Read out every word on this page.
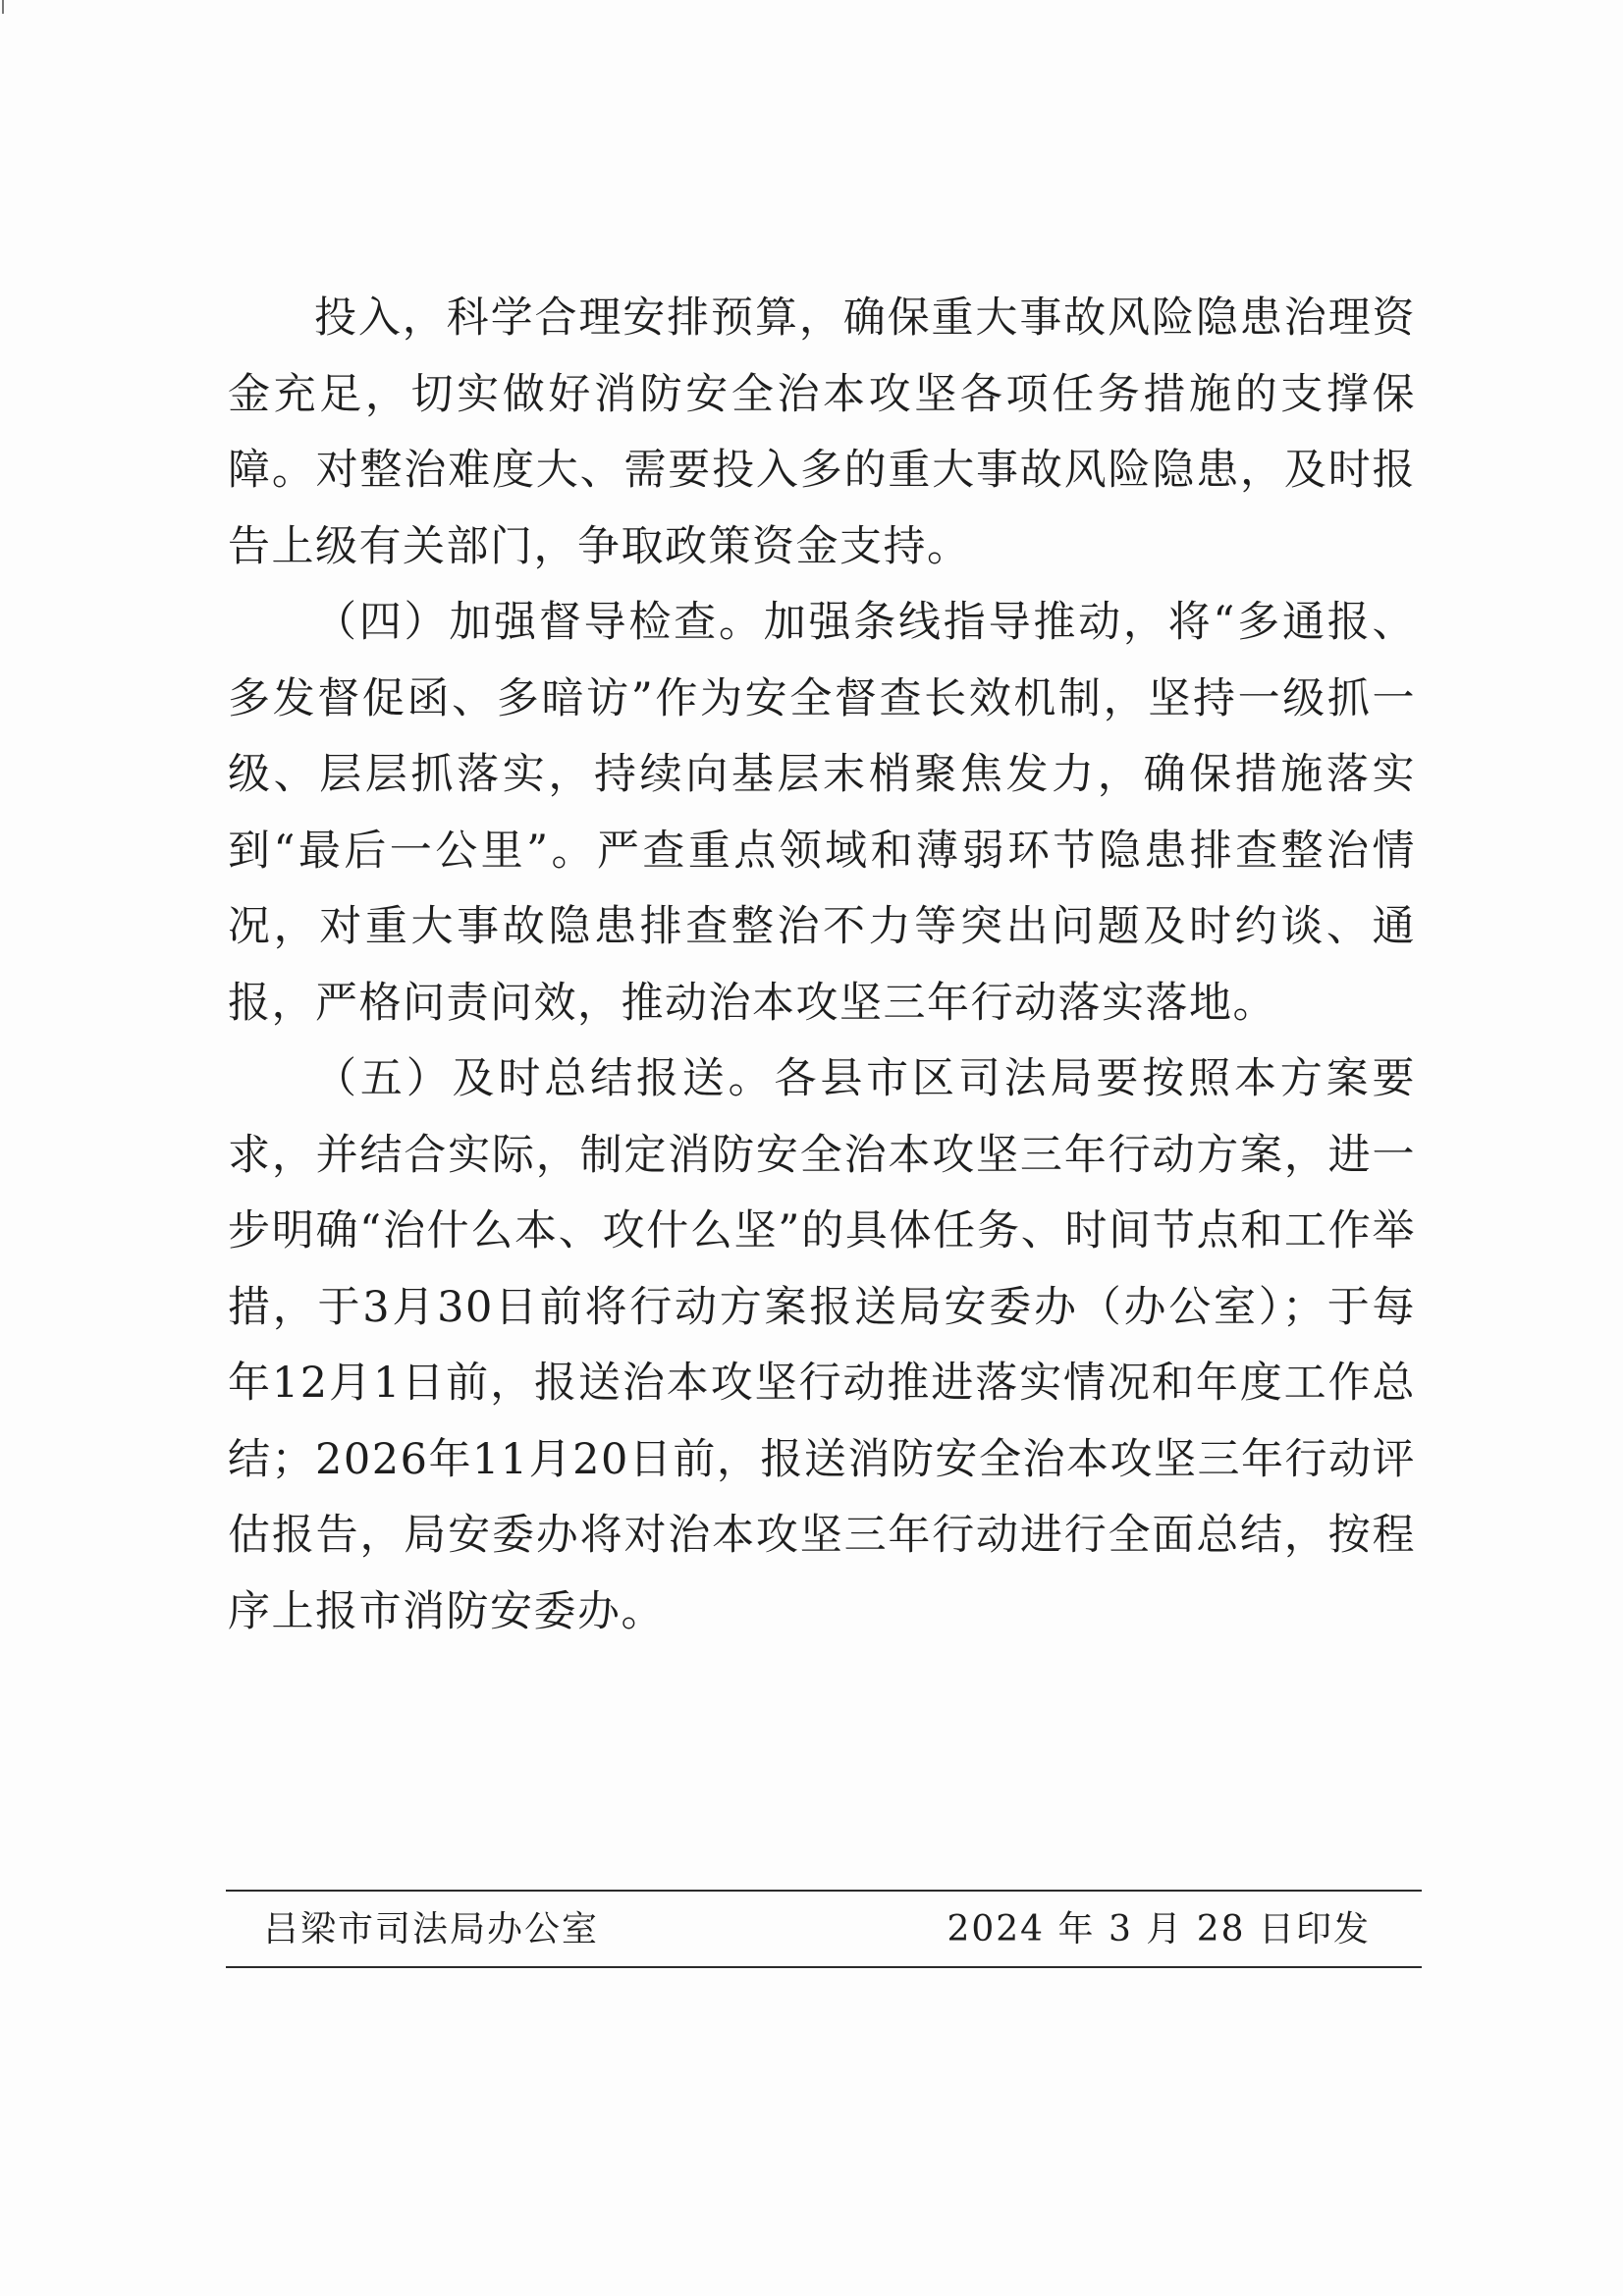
投入，科学合理安排预算，确保重大事故风险隐患治理资金充足，切实做好消防安全治本攻坚各项任务措施的支撑保障。对整治难度大、需要投入多的重大事故风险隐患，及时报告上级有关部门，争取政策资金支持。

（四）加强督导检查。加强条线指导推动，将“多通报、多发督促函、多暗访”作为安全督查长效机制，坚持一级抓一级、层层抓落实，持续向基层末梢聚焦发力，确保措施落实到“最后一公里”。严查重点领域和薄弱环节隐患排查整治情况，对重大事故隐患排查整治不力等突出问题及时约谈、通报，严格问责问效，推动治本攻坚三年行动落实落地。

（五）及时总结报送。各县市区司法局要按照本方案要求，并结合实际，制定消防安全治本攻坚三年行动方案，进一步明确“治什么本、攻什么坚”的具体任务、时间节点和工作举措，于3月30日前将行动方案报送局安委办（办公室）；于每年12月1日前，报送治本攻坚行动推进落实情况和年度工作总结；2026年11月20日前，报送消防安全治本攻坚三年行动评估报告，局安委办将对治本攻坚三年行动进行全面总结，按程序上报市消防安委办。

吕梁市司法局办公室	2024 年 3 月 28 日印发
